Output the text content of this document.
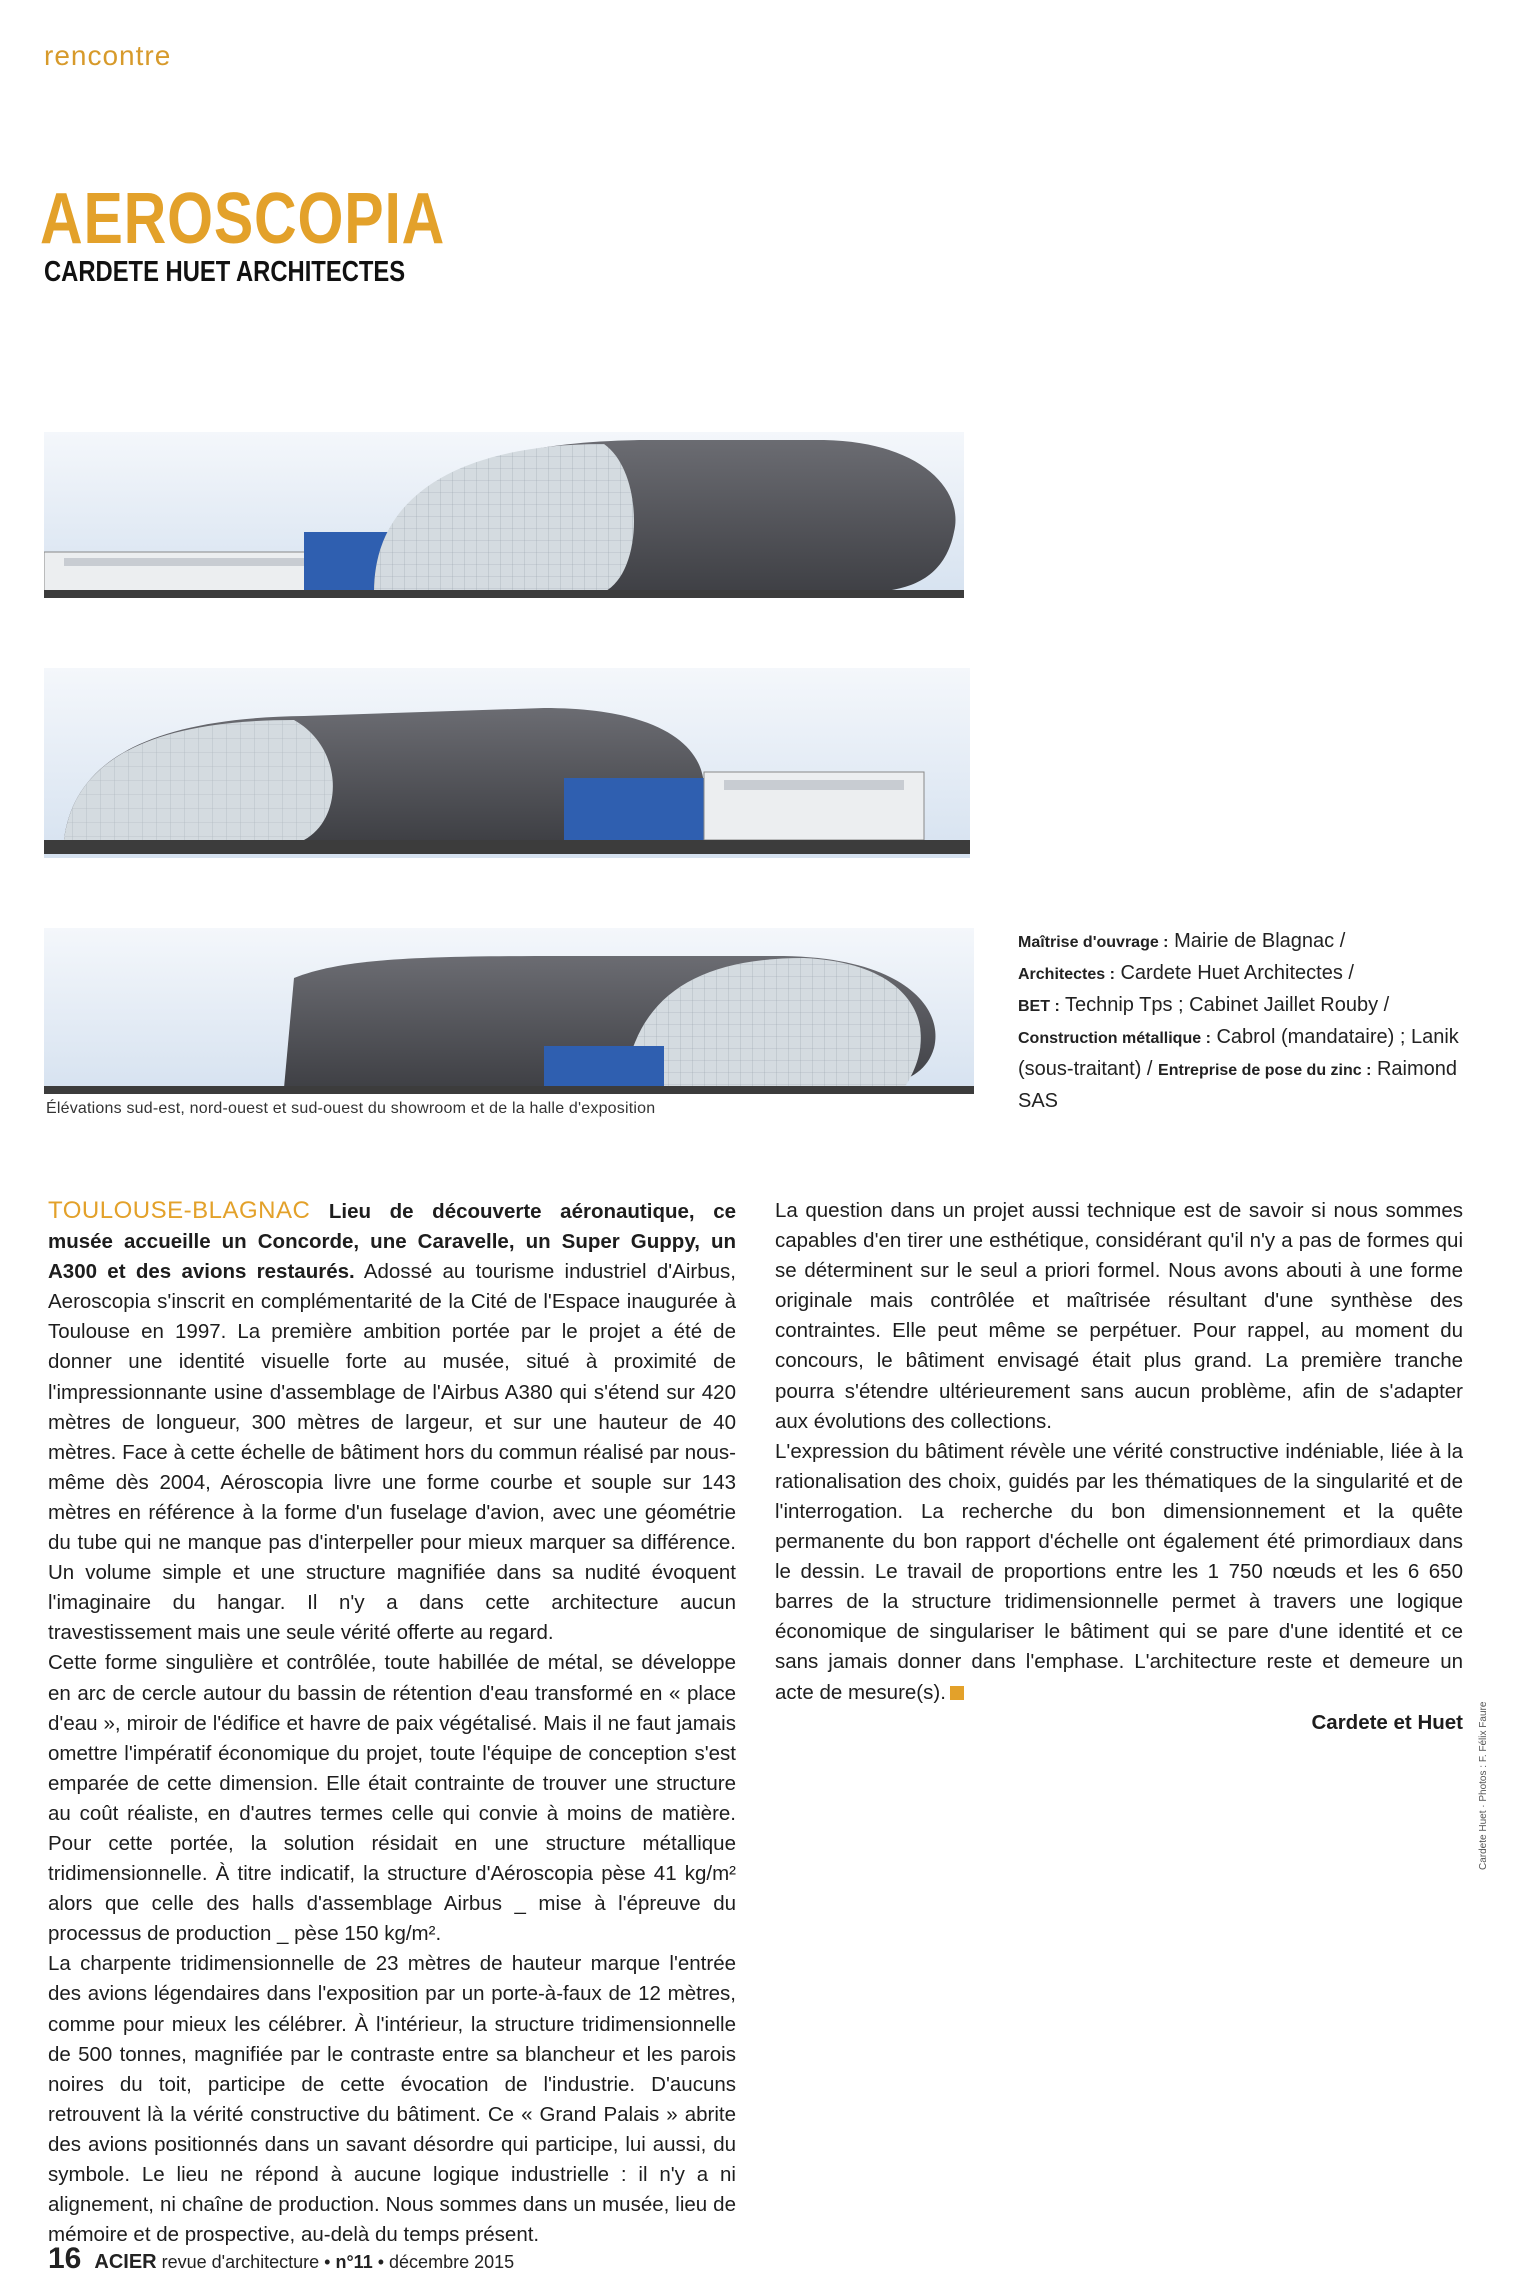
rencontre
AEROSCOPIA
CARDETE HUET ARCHITECTES
Élévations sud-est, nord-ouest et sud-ouest du showroom et de la halle d'exposition
Maîtrise d'ouvrage : Mairie de Blagnac /
Architectes : Cardete Huet Architectes /
BET : Technip Tps ; Cabinet Jaillet Rouby /
Construction métallique : Cabrol (mandataire) ; Lanik (sous-traitant) / Entreprise de pose du zinc : Raimond SAS

TOULOUSE-BLAGNAC Lieu de découverte aéronautique, ce musée accueille un Concorde, une Caravelle, un Super Guppy, un A300 et des avions restaurés. Adossé au tourisme industriel d'Airbus, Aeroscopia s'inscrit en complémentarité de la Cité de l'Espace inaugurée à Toulouse en 1997. La première ambition portée par le projet a été de donner une identité visuelle forte au musée, situé à proximité de l'impressionnante usine d'assemblage de l'Airbus A380 qui s'étend sur 420 mètres de longueur, 300 mètres de largeur, et sur une hauteur de 40 mètres. Face à cette échelle de bâtiment hors du commun réalisé par nous-même dès 2004, Aéroscopia livre une forme courbe et souple sur 143 mètres en référence à la forme d'un fuselage d'avion, avec une géométrie du tube qui ne manque pas d'interpeller pour mieux marquer sa différence. Un volume simple et une structure magnifiée dans sa nudité évoquent l'imaginaire du hangar. Il n'y a dans cette architecture aucun travestissement mais une seule vérité offerte au regard.

Cette forme singulière et contrôlée, toute habillée de métal, se développe en arc de cercle autour du bassin de rétention d'eau transformé en « place d'eau », miroir de l'édifice et havre de paix végétalisé. Mais il ne faut jamais omettre l'impératif économique du projet, toute l'équipe de conception s'est emparée de cette dimension. Elle était contrainte de trouver une structure au coût réaliste, en d'autres termes celle qui convie à moins de matière. Pour cette portée, la solution résidait en une structure métallique tridimensionnelle. À titre indicatif, la structure d'Aéroscopia pèse 41 kg/m² alors que celle des halls d'assemblage Airbus _ mise à l'épreuve du processus de production _ pèse 150 kg/m².

La charpente tridimensionnelle de 23 mètres de hauteur marque l'entrée des avions légendaires dans l'exposition par un porte-à-faux de 12 mètres, comme pour mieux les célébrer. À l'intérieur, la structure tridimensionnelle de 500 tonnes, magnifiée par le contraste entre sa blancheur et les parois noires du toit, participe de cette évocation de l'industrie. D'aucuns retrouvent là la vérité constructive du bâtiment. Ce « Grand Palais » abrite des avions positionnés dans un savant désordre qui participe, lui aussi, du symbole. Le lieu ne répond à aucune logique industrielle : il n'y a ni alignement, ni chaîne de production. Nous sommes dans un musée, lieu de mémoire et de prospective, au-delà du temps présent.

La question dans un projet aussi technique est de savoir si nous sommes capables d'en tirer une esthétique, considérant qu'il n'y a pas de formes qui se déterminent sur le seul a priori formel. Nous avons abouti à une forme originale mais contrôlée et maîtrisée résultant d'une synthèse des contraintes. Elle peut même se perpétuer. Pour rappel, au moment du concours, le bâtiment envisagé était plus grand. La première tranche pourra s'étendre ultérieurement sans aucun problème, afin de s'adapter aux évolutions des collections.

L'expression du bâtiment révèle une vérité constructive indéniable, liée à la rationalisation des choix, guidés par les thématiques de la singularité et de l'interrogation. La recherche du bon dimensionnement et la quête permanente du bon rapport d'échelle ont également été primordiaux dans le dessin. Le travail de proportions entre les 1 750 nœuds et les 6 650 barres de la structure tridimensionnelle permet à travers une logique économique de singulariser le bâtiment qui se pare d'une identité et ce sans jamais donner dans l'emphase. L'architecture reste et demeure un acte de mesure(s).

Cardete et Huet Cardete Huet · Photos : F. Félix Faure
16 ACIER revue d'architecture • n°11 • décembre 2015
